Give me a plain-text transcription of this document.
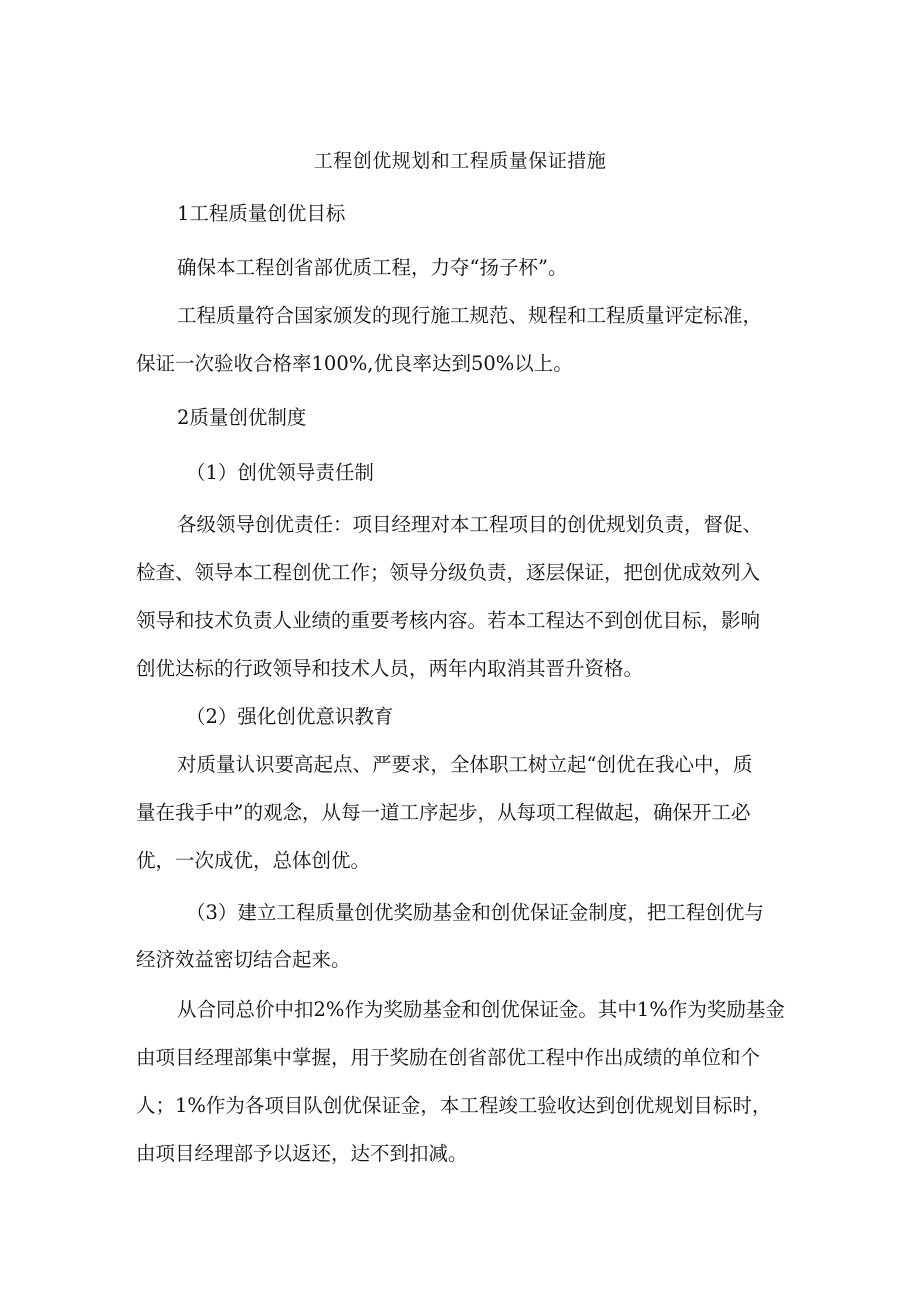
工程创优规划和工程质量保证措施
1工程质量创优目标
确保本工程创省部优质工程，力夺“扬子杯”。
工程质量符合国家颁发的现行施工规范、规程和工程质量评定标准，
保证一次验收合格率100%,优良率达到50%以上。
2质量创优制度
（1）创优领导责任制
各级领导创优责任：项目经理对本工程项目的创优规划负责，督促、
检查、领导本工程创优工作；领导分级负责，逐层保证，把创优成效列入
领导和技术负责人业绩的重要考核内容。若本工程达不到创优目标，影响
创优达标的行政领导和技术人员，两年内取消其晋升资格。
（2）强化创优意识教育
对质量认识要高起点、严要求，全体职工树立起“创优在我心中，质
量在我手中”的观念，从每一道工序起步，从每项工程做起，确保开工必
优，一次成优，总体创优。
（3）建立工程质量创优奖励基金和创优保证金制度，把工程创优与
经济效益密切结合起来。
从合同总价中扣2%作为奖励基金和创优保证金。其中1%作为奖励基金
由项目经理部集中掌握，用于奖励在创省部优工程中作出成绩的单位和个
人；1%作为各项目队创优保证金，本工程竣工验收达到创优规划目标时，
由项目经理部予以返还，达不到扣减。
